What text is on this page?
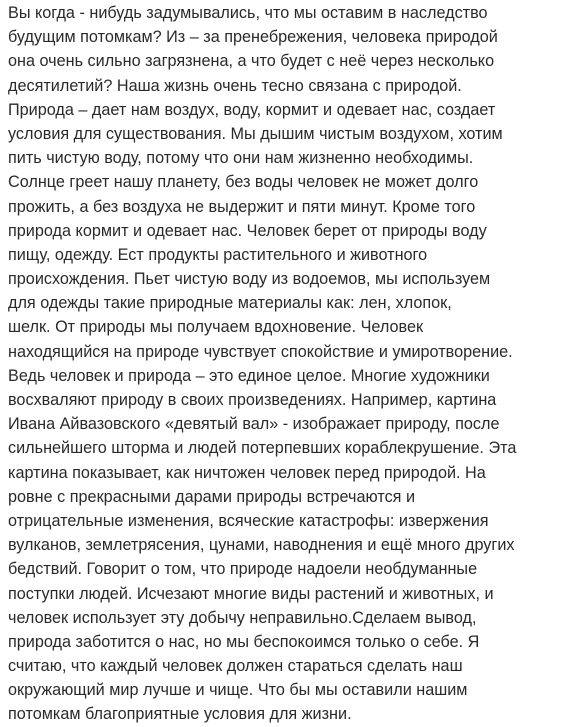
Вы когда - нибудь задумывались, что мы оставим в наследство
будущим потомкам? Из – за пренебрежения, человека природой
она очень сильно загрязнена, а что будет с неё через несколько
десятилетий? Наша жизнь очень тесно связана с природой.
Природа – дает нам воздух, воду, кормит и одевает нас, создает
условия для существования. Мы дышим чистым воздухом, хотим
пить чистую воду, потому что они нам жизненно необходимы.
Солнце греет нашу планету, без воды человек не может долго
прожить, а без воздуха не выдержит и пяти минут. Кроме того
природа кормит и одевает нас. Человек берет от природы воду
пищу, одежду. Ест продукты растительного и животного
происхождения. Пьет чистую воду из водоемов, мы используем
для одежды такие природные материалы как: лен, хлопок,
шелк. От природы мы получаем вдохновение. Человек
находящийся на природе чувствует спокойствие и умиротворение.
Ведь человек и природа – это единое целое. Многие художники
восхваляют природу в своих произведениях. Например, картина
Ивана Айвазовского «девятый вал» - изображает природу, после
сильнейшего шторма и людей потерпевших кораблекрушение. Эта
картина показывает, как ничтожен человек перед природой. На
ровне с прекрасными дарами природы встречаются и
отрицательные изменения, всяческие катастрофы: извержения
вулканов, землетрясения, цунами, наводнения и ещё много других
бедствий. Говорит о том, что природе надоели необдуманные
поступки людей. Исчезают многие виды растений и животных, и
человек использует эту добычу неправильно.Сделаем вывод,
природа заботится о нас, но мы беспокоимся только о себе. Я
считаю, что каждый человек должен стараться сделать наш
окружающий мир лучше и чище. Что бы мы оставили нашим
потомкам благоприятные условия для жизни.
